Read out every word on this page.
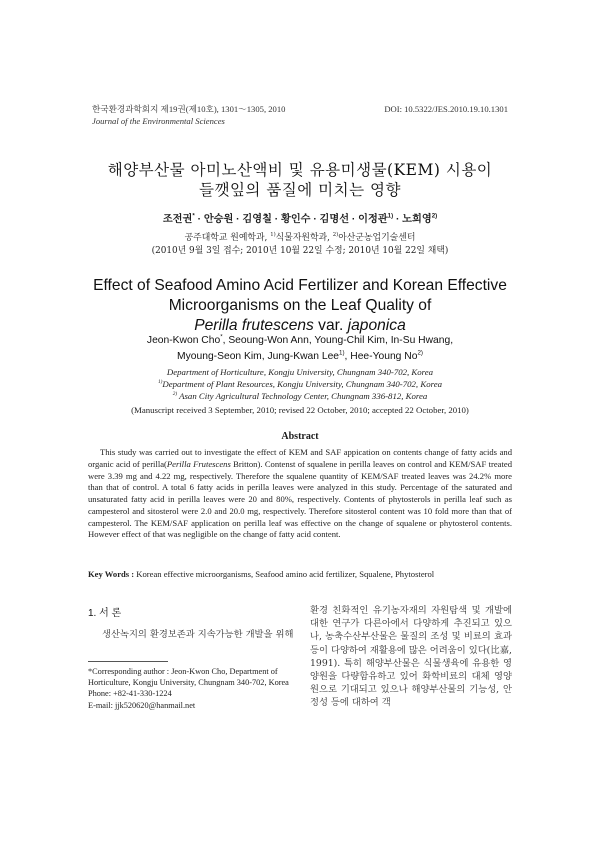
한국환경과학회지 제19권(제10호), 1301～1305, 2010
Journal of the Environmental Sciences
DOI: 10.5322/JES.2010.19.10.1301
해양부산물 아미노산액비 및 유용미생물(KEM) 시용이
들깻잎의 품질에 미치는 영향
조전권* · 안승원 · 김영칠 · 황인수 · 김명선 · 이정관$^{1)}$ · 노희영$^{2)}$
공주대학교 원예학과, $^{1)}$식물자원학과, $^{2)}$아산군농업기술센터
(2010년 9월 3일 접수; 2010년 10월 22일 수정; 2010년 10월 22일 채택)
Effect of Seafood Amino Acid Fertilizer and Korean Effective
Microorganisms on the Leaf Quality of
Perilla frutescens var. japonica
Jeon-Kwon Cho*, Seoung-Won Ann, Young-Chil Kim, In-Su Hwang,
Myoung-Seon Kim, Jung-Kwan Lee$^{1)}$, Hee-Young No$^{2)}$
Department of Horticulture, Kongju University, Chungnam 340-702, Korea
$^{1)}$Department of Plant Resources, Kongju University, Chungnam 340-702, Korea
$^{2)}$ Asan City Agricultural Technology Center, Chungnam 336-812, Korea
(Manuscript received 3 September, 2010; revised 22 October, 2010; accepted 22 October, 2010)
Abstract

This study was carried out to investigate the effect of KEM and SAF appication on contents change of fatty acids and organic acid of perilla(Perilla Frutescens Britton). Contenst of squalene in perilla leaves on control and KEM/SAF treated were 3.39 mg and 4.22 mg, respectively. Therefore the squalene quantity of KEM/SAF treated leaves was 24.2% more than that of control. A total 6 fatty acids in perilla leaves were analyzed in this study. Percentage of the saturated and unsaturated fatty acid in perilla leaves were 20 and 80%, respectively. Contents of phytosterols in perilla leaf such as campesterol and sitosterol were 2.0 and 20.0 mg, respectively. Therefore sitosterol content was 10 fold more than that of campesterol. The KEM/SAF application on perilla leaf was effective on the change of squalene or phytosterol contents. However effect of that was negligible on the change of fatty acid content.

Key Words : Korean effective microorganisms, Seafood amino acid fertilizer, Squalene, Phytosterol
1. 서 론

생산녹지의 환경보존과 지속가능한 개발을 위해

*Corresponding author : Jeon-Kwon Cho, Department of
Horticulture, Kongju University, Chungnam 340-702, Korea
Phone: +82-41-330-1224
E-mail: jjk520620@hanmail.net

환경 친화적인 유기농자재의 자원탐색 및 개발에 대한 연구가 다른아에서 다양하게 추진되고 있으나, 농축수산부산물은 물질의 조성 및 비료의 효과 등이 다양하여 재활용에 많은 어려움이 있다(比嘉, 1991). 특히 해양부산물은 식물생육에 유용한 영양원을 다량함유하고 있어 화학비료의 대체 영양원으로 기대되고 있으나 해양부산물의 기능성, 안정성 등에 대하여 객
